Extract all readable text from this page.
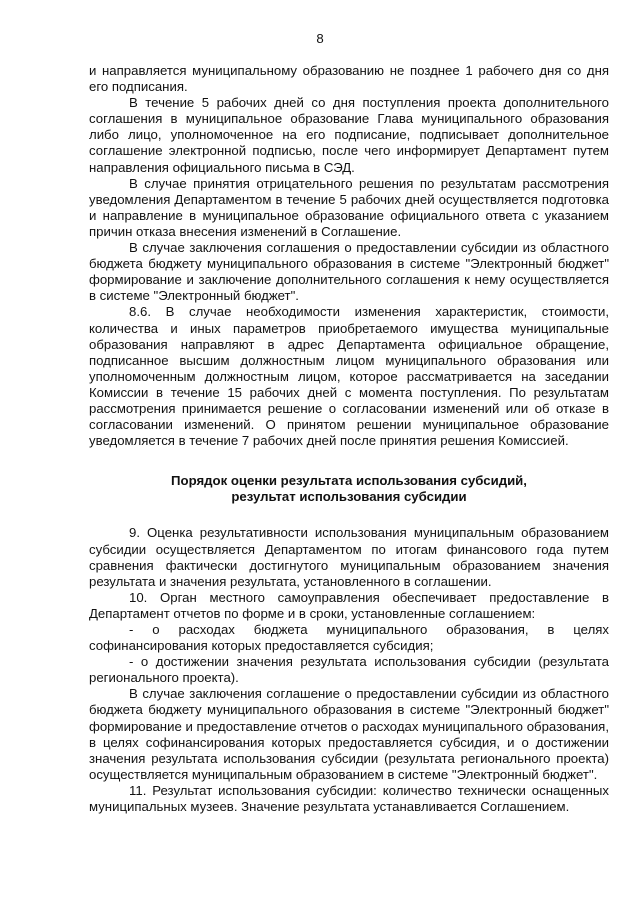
8

и направляется муниципальному образованию не позднее 1 рабочего дня со дня его подписания.

В течение 5 рабочих дней со дня поступления проекта дополнительного соглашения в муниципальное образование Глава муниципального образования либо лицо, уполномоченное на его подписание, подписывает дополнительное соглашение электронной подписью, после чего информирует Департамент путем направления официального письма в СЭД.

В случае принятия отрицательного решения по результатам рассмотрения уведомления Департаментом в течение 5 рабочих дней осуществляется подготовка и направление в муниципальное образование официального ответа с указанием причин отказа внесения изменений в Соглашение.

В случае заключения соглашения о предоставлении субсидии из областного бюджета бюджету муниципального образования в системе "Электронный бюджет" формирование и заключение дополнительного соглашения к нему осуществляется в системе "Электронный бюджет".

8.6. В случае необходимости изменения характеристик, стоимости, количества и иных параметров приобретаемого имущества муниципальные образования направляют в адрес Департамента официальное обращение, подписанное высшим должностным лицом муниципального образования или уполномоченным должностным лицом, которое рассматривается на заседании Комиссии в течение 15 рабочих дней с момента поступления. По результатам рассмотрения принимается решение о согласовании изменений или об отказе в согласовании изменений. О принятом решении муниципальное образование уведомляется в течение 7 рабочих дней после принятия решения Комиссией.

Порядок оценки результата использования субсидий,
результат использования субсидии

9. Оценка результативности использования муниципальным образованием субсидии осуществляется Департаментом по итогам финансового года путем сравнения фактически достигнутого муниципальным образованием значения результата и значения результата, установленного в соглашении.

10. Орган местного самоуправления обеспечивает предоставление в Департамент отчетов по форме и в сроки, установленные соглашением:

- о расходах бюджета муниципального образования, в целях софинансирования которых предоставляется субсидия;

- о достижении значения результата использования субсидии (результата регионального проекта).

В случае заключения соглашение о предоставлении субсидии из областного бюджета бюджету муниципального образования в системе "Электронный бюджет" формирование и предоставление отчетов о расходах муниципального образования, в целях софинансирования которых предоставляется субсидия, и о достижении значения результата использования субсидии (результата регионального проекта) осуществляется муниципальным образованием в системе "Электронный бюджет".

11. Результат использования субсидии: количество технически оснащенных муниципальных музеев. Значение результата устанавливается Соглашением.
